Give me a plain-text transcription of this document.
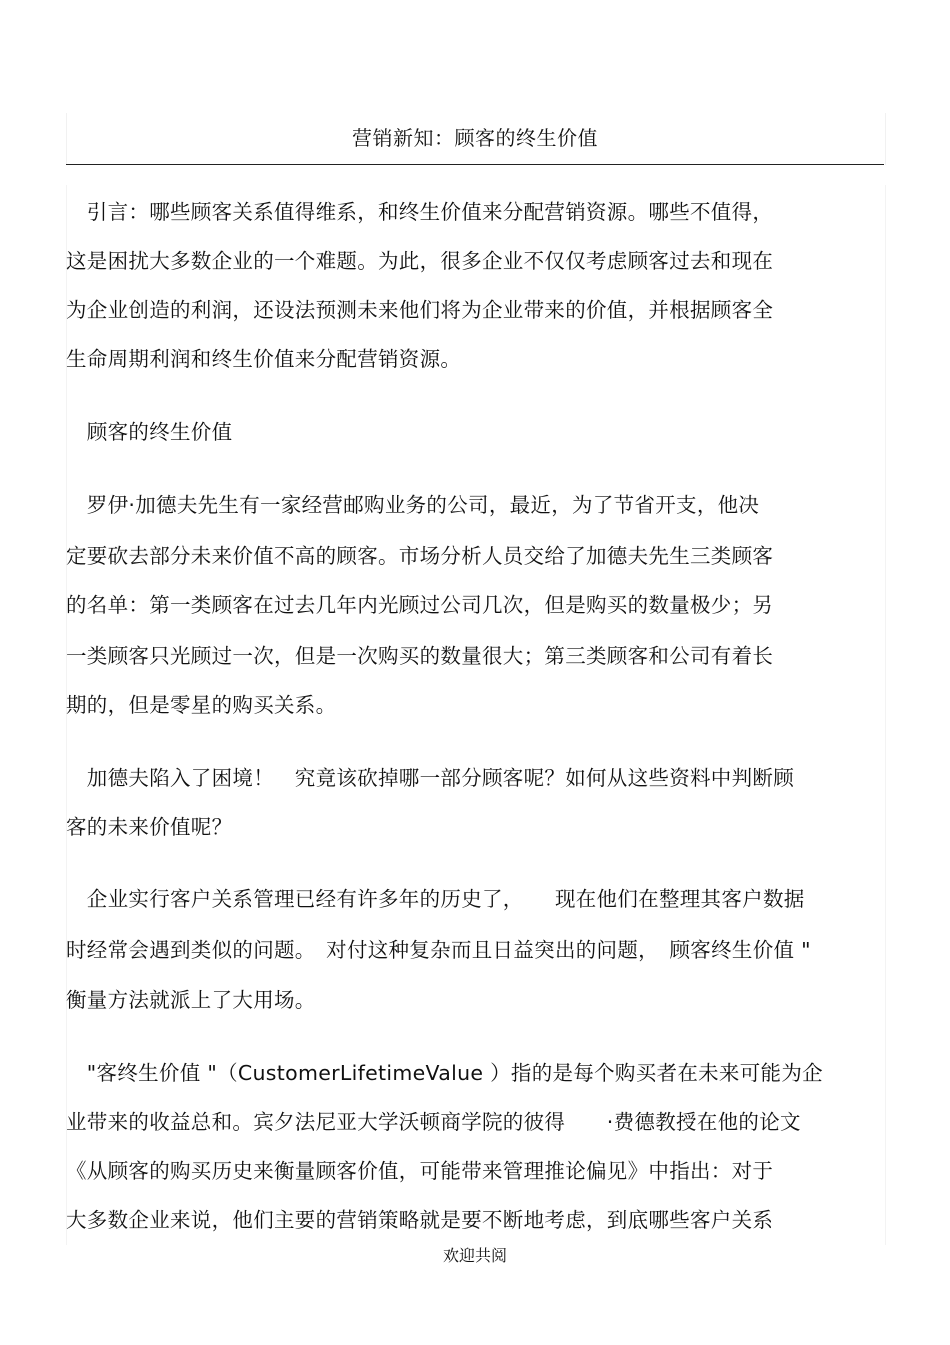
营销新知：顾客的终生价值
　引言：哪些顾客关系值得维系，和终生价值来分配营销资源。哪些不值得，
这是困扰大多数企业的一个难题。为此，很多企业不仅仅考虑顾客过去和现在
为企业创造的利润，还设法预测未来他们将为企业带来的价值，并根据顾客全
生命周期利润和终生价值来分配营销资源。
　顾客的终生价值
　罗伊·加德夫先生有一家经营邮购业务的公司，最近，为了节省开支，他决
定要砍去部分未来价值不高的顾客。市场分析人员交给了加德夫先生三类顾客
的名单：第一类顾客在过去几年内光顾过公司几次，但是购买的数量极少；另
一类顾客只光顾过一次，但是一次购买的数量很大；第三类顾客和公司有着长
期的，但是零星的购买关系。
　加德夫陷入了困境！　究竟该砍掉哪一部分顾客呢？如何从这些资料中判断顾
客的未来价值呢？
　企业实行客户关系管理已经有许多年的历史了，　　现在他们在整理其客户数据
时经常会遇到类似的问题。　对付这种复杂而且日益突出的问题，　顾客终生价值 "
衡量方法就派上了大用场。
　"客终生价值 "（CustomerLifetimeValue ）指的是每个购买者在未来可能为企
业带来的收益总和。宾夕法尼亚大学沃顿商学院的彼得　　·费德教授在他的论文
《从顾客的购买历史来衡量顾客价值，可能带来管理推论偏见》中指出：对于
大多数企业来说，他们主要的营销策略就是要不断地考虑，到底哪些客户关系
欢迎共阅
